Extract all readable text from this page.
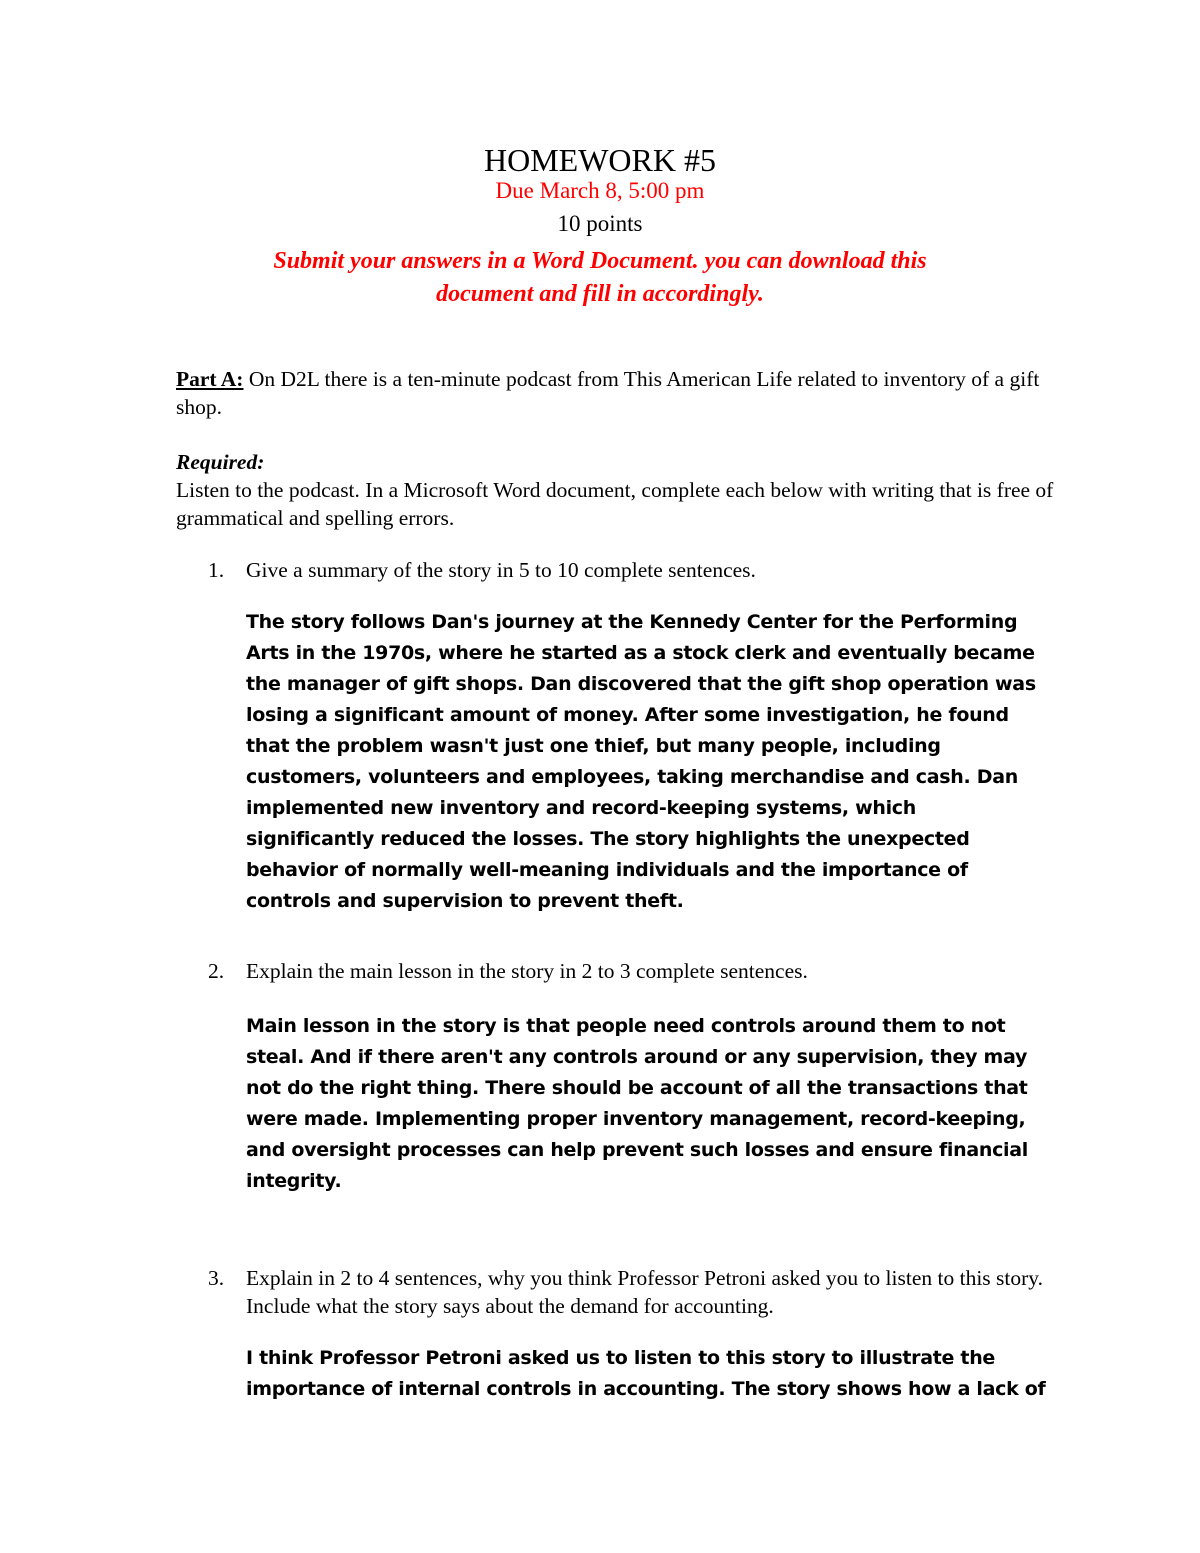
HOMEWORK #5
Due March 8, 5:00 pm
10 points
Submit your answers in a Word Document. you can download this
document and fill in accordingly.
Part A: On D2L there is a ten-minute podcast from This American Life related to inventory of a gift shop.
Required:
Listen to the podcast. In a Microsoft Word document, complete each below with writing that is free of grammatical and spelling errors.
1. Give a summary of the story in 5 to 10 complete sentences.
The story follows Dan's journey at the Kennedy Center for the Performing Arts in the 1970s, where he started as a stock clerk and eventually became the manager of gift shops. Dan discovered that the gift shop operation was losing a significant amount of money. After some investigation, he found that the problem wasn't just one thief, but many people, including customers, volunteers and employees, taking merchandise and cash. Dan implemented new inventory and record-keeping systems, which significantly reduced the losses. The story highlights the unexpected behavior of normally well-meaning individuals and the importance of controls and supervision to prevent theft.
2. Explain the main lesson in the story in 2 to 3 complete sentences.
Main lesson in the story is that people need controls around them to not steal. And if there aren't any controls around or any supervision, they may not do the right thing. There should be account of all the transactions that were made. Implementing proper inventory management, record-keeping, and oversight processes can help prevent such losses and ensure financial integrity.
3. Explain in 2 to 4 sentences, why you think Professor Petroni asked you to listen to this story. Include what the story says about the demand for accounting.
I think Professor Petroni asked us to listen to this story to illustrate the importance of internal controls in accounting. The story shows how a lack of
